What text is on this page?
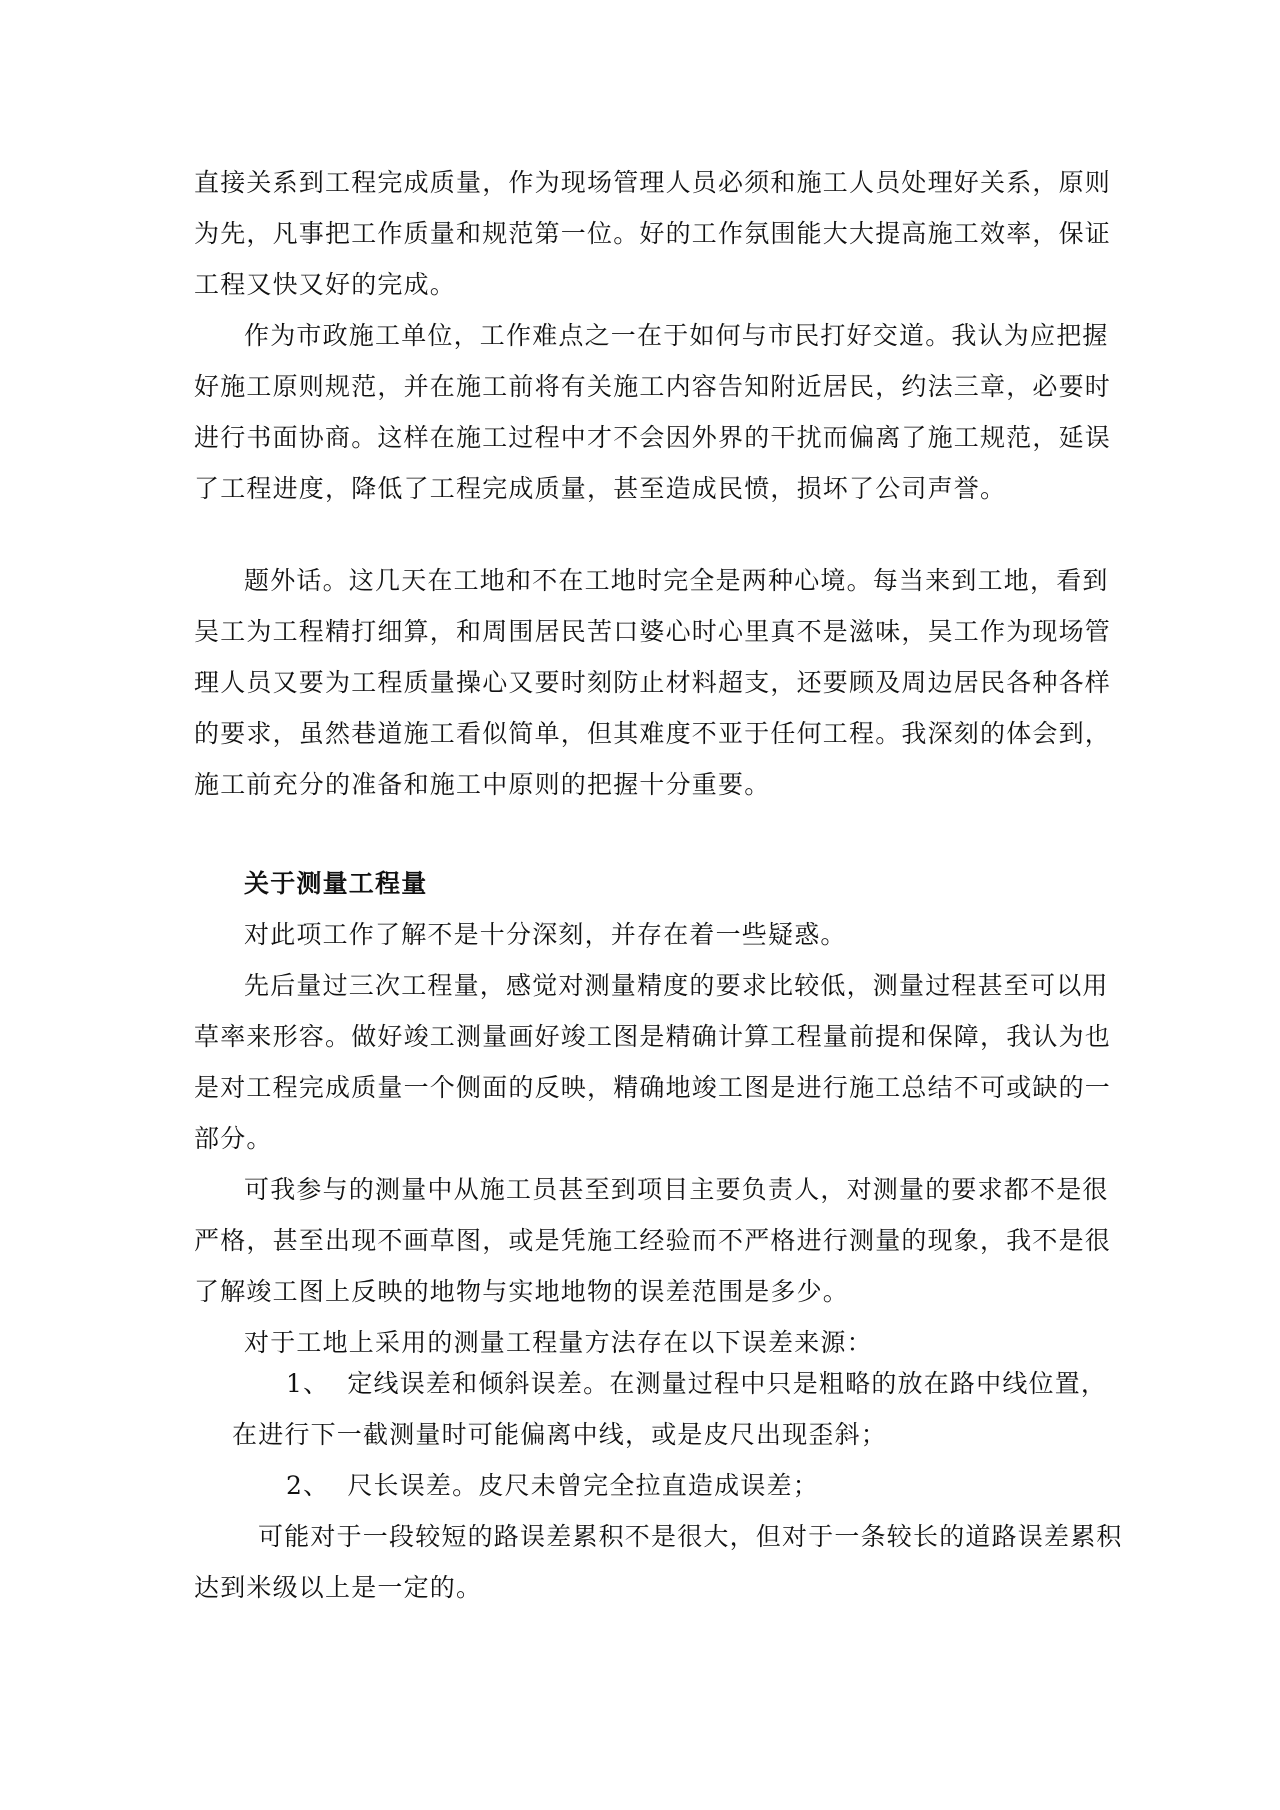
直接关系到工程完成质量，作为现场管理人员必须和施工人员处理好关系，原则
为先，凡事把工作质量和规范第一位。好的工作氛围能大大提高施工效率，保证
工程又快又好的完成。

作为市政施工单位，工作难点之一在于如何与市民打好交道。我认为应把握
好施工原则规范，并在施工前将有关施工内容告知附近居民，约法三章，必要时
进行书面协商。这样在施工过程中才不会因外界的干扰而偏离了施工规范，延误
了工程进度，降低了工程完成质量，甚至造成民愤，损坏了公司声誉。

题外话。这几天在工地和不在工地时完全是两种心境。每当来到工地，看到
吴工为工程精打细算，和周围居民苦口婆心时心里真不是滋味，吴工作为现场管
理人员又要为工程质量操心又要时刻防止材料超支，还要顾及周边居民各种各样
的要求，虽然巷道施工看似简单，但其难度不亚于任何工程。我深刻的体会到，
施工前充分的准备和施工中原则的把握十分重要。

关于测量工程量

对此项工作了解不是十分深刻，并存在着一些疑惑。

先后量过三次工程量，感觉对测量精度的要求比较低，测量过程甚至可以用
草率来形容。做好竣工测量画好竣工图是精确计算工程量前提和保障，我认为也
是对工程完成质量一个侧面的反映，精确地竣工图是进行施工总结不可或缺的一
部分。

可我参与的测量中从施工员甚至到项目主要负责人，对测量的要求都不是很
严格，甚至出现不画草图，或是凭施工经验而不严格进行测量的现象，我不是很
了解竣工图上反映的地物与实地地物的误差范围是多少。

对于工地上采用的测量工程量方法存在以下误差来源：

1、 定线误差和倾斜误差。在测量过程中只是粗略的放在路中线位置，
在进行下一截测量时可能偏离中线，或是皮尺出现歪斜；
2、 尺长误差。皮尺未曾完全拉直造成误差；

可能对于一段较短的路误差累积不是很大，但对于一条较长的道路误差累积
达到米级以上是一定的。
